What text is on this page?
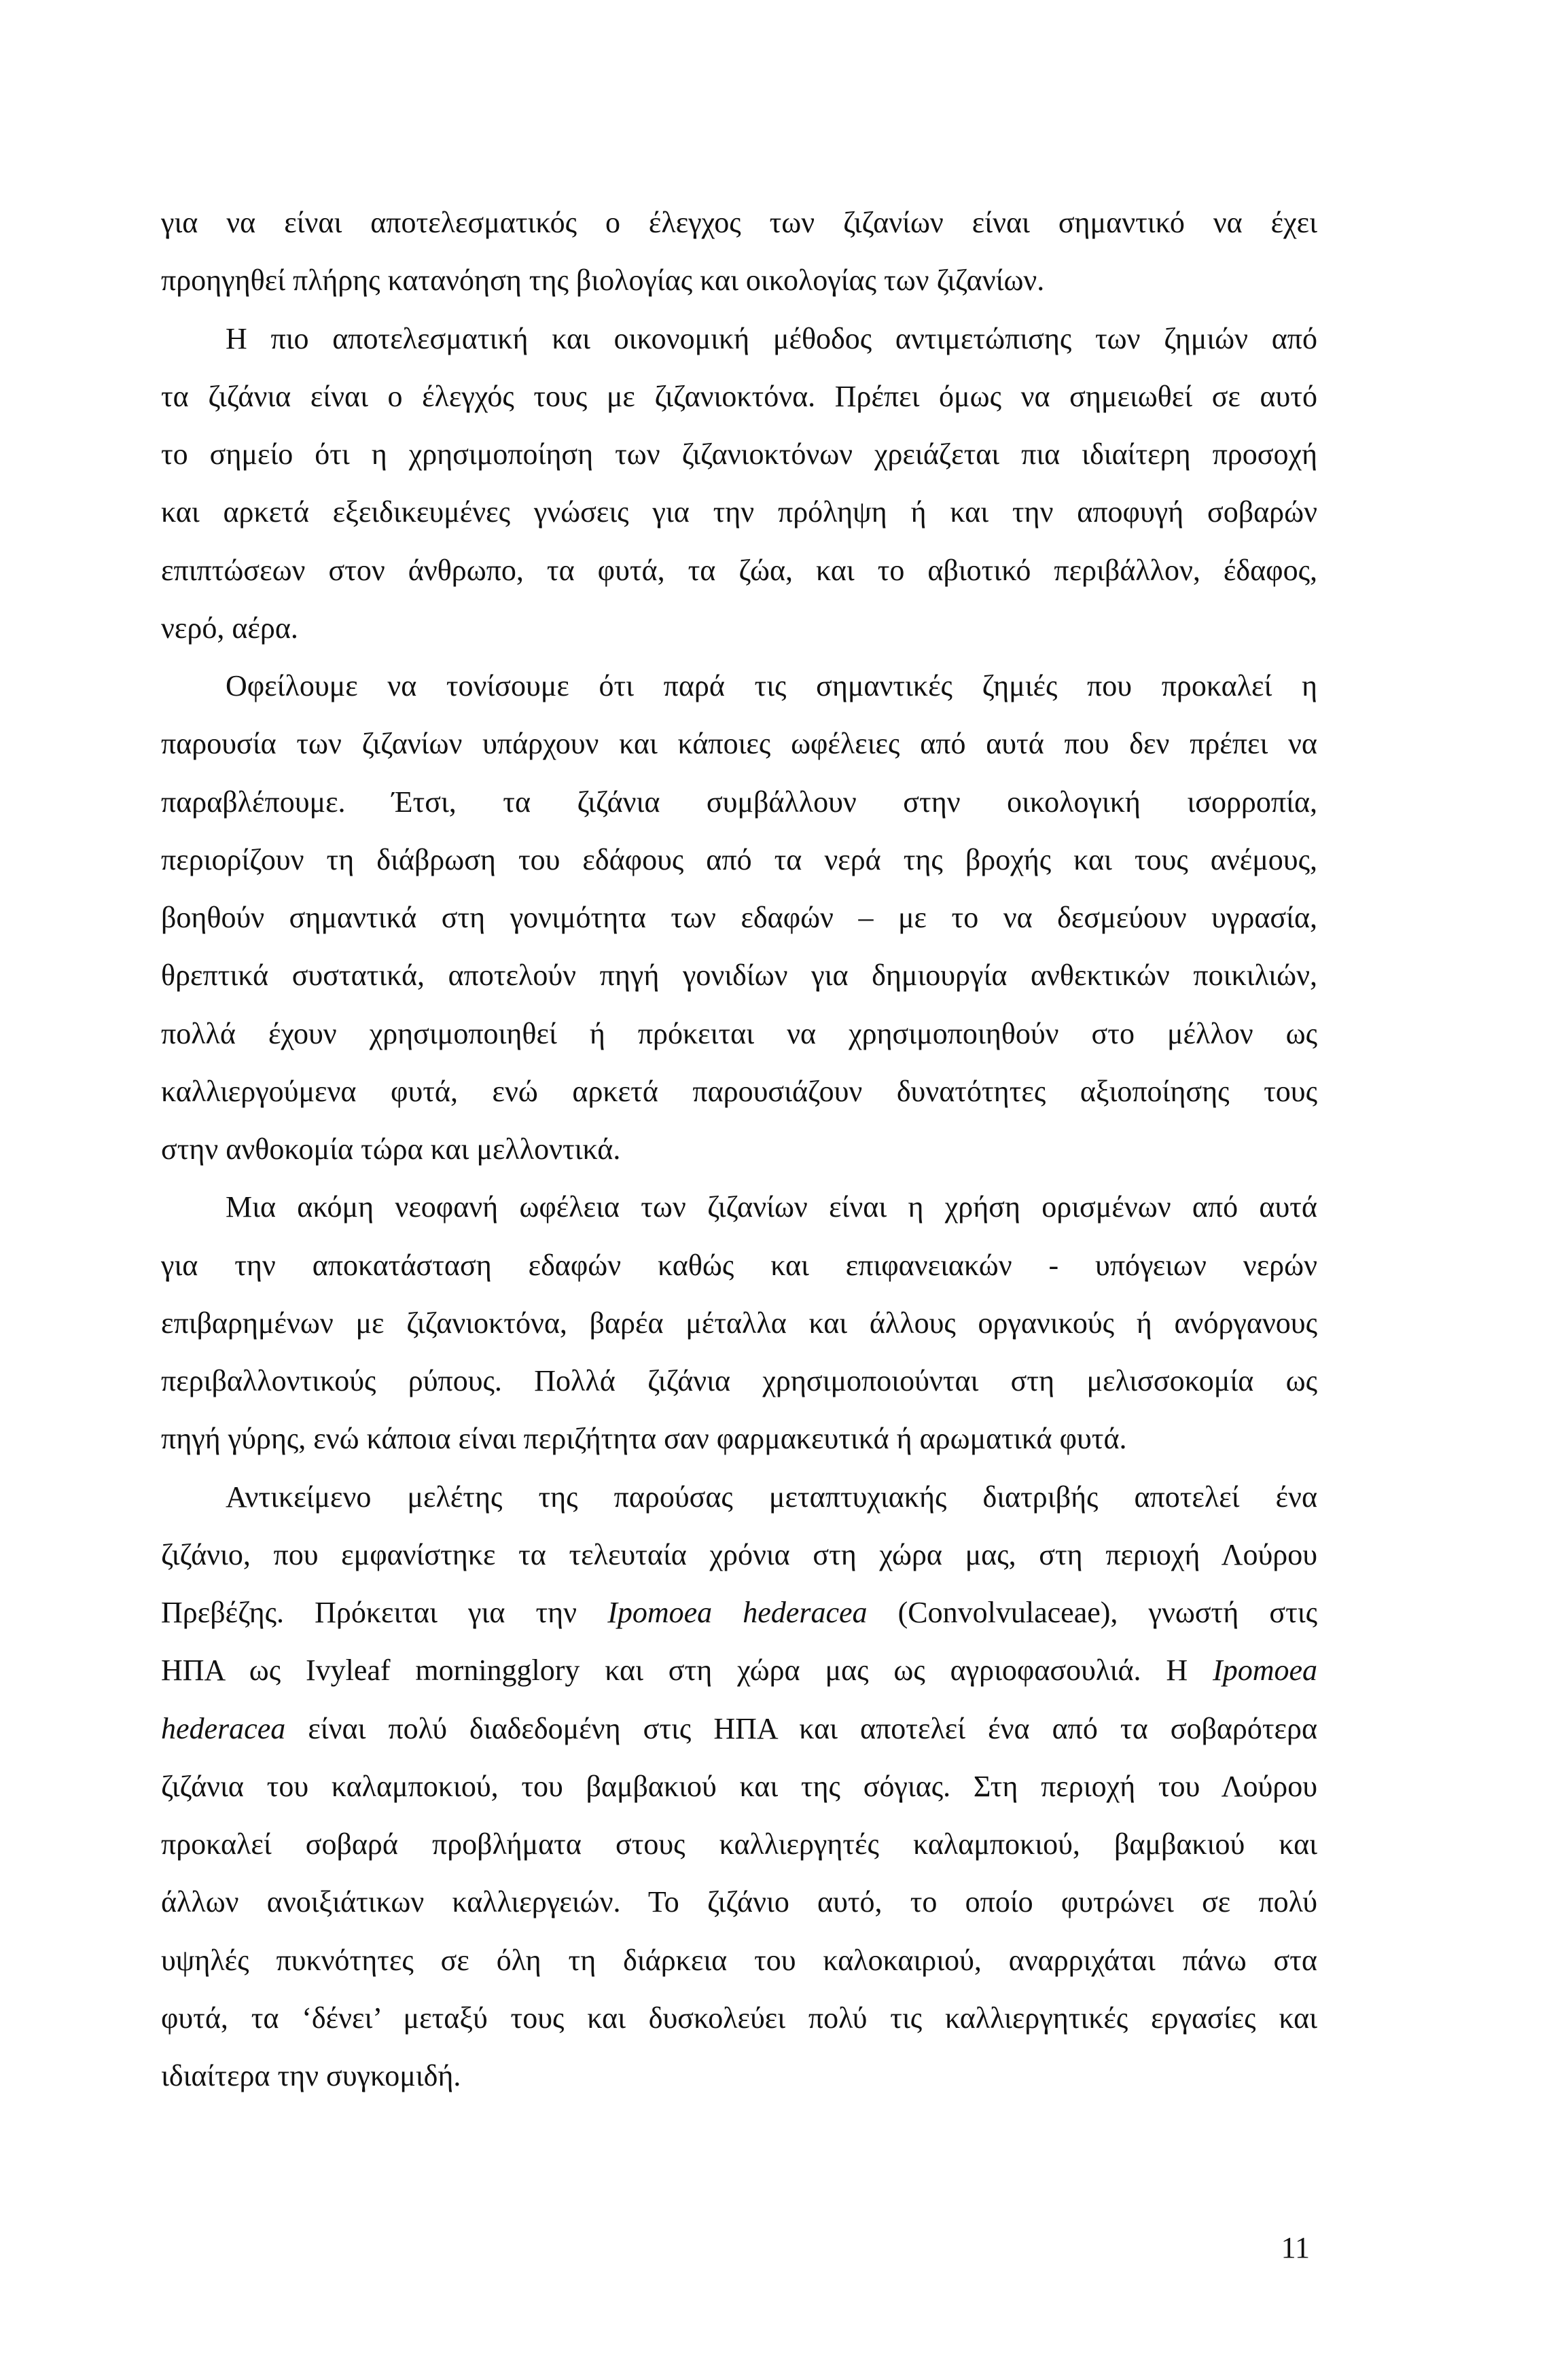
για να είναι αποτελεσματικός ο έλεγχος των ζιζανίων είναι σημαντικό να έχει
προηγηθεί πλήρης κατανόηση της βιολογίας και οικολογίας των ζιζανίων.
Η πιο αποτελεσματική και οικονομική μέθοδος αντιμετώπισης των ζημιών από
τα ζιζάνια είναι ο έλεγχός τους με ζιζανιοκτόνα. Πρέπει όμως να σημειωθεί σε αυτό
το σημείο ότι η χρησιμοποίηση των ζιζανιοκτόνων χρειάζεται πια ιδιαίτερη προσοχή
και αρκετά εξειδικευμένες γνώσεις για την πρόληψη ή και την αποφυγή σοβαρών
επιπτώσεων στον άνθρωπο, τα φυτά, τα ζώα, και το αβιοτικό περιβάλλον, έδαφος,
νερό, αέρα.
Οφείλουμε να τονίσουμε ότι παρά τις σημαντικές ζημιές που προκαλεί η
παρουσία των ζιζανίων υπάρχουν και κάποιες ωφέλειες από αυτά που δεν πρέπει να
παραβλέπουμε. Έτσι, τα ζιζάνια συμβάλλουν στην οικολογική ισορροπία,
περιορίζουν τη διάβρωση του εδάφους από τα νερά της βροχής και τους ανέμους,
βοηθούν σημαντικά στη γονιμότητα των εδαφών – με το να δεσμεύουν υγρασία,
θρεπτικά συστατικά, αποτελούν πηγή γονιδίων για δημιουργία ανθεκτικών ποικιλιών,
πολλά έχουν χρησιμοποιηθεί ή πρόκειται να χρησιμοποιηθούν στο μέλλον ως
καλλιεργούμενα φυτά, ενώ αρκετά παρουσιάζουν δυνατότητες αξιοποίησης τους
στην ανθοκομία τώρα και μελλοντικά.
Μια ακόμη νεοφανή ωφέλεια των ζιζανίων είναι η χρήση ορισμένων από αυτά
για την αποκατάσταση εδαφών καθώς και επιφανειακών - υπόγειων νερών
επιβαρημένων με ζιζανιοκτόνα, βαρέα μέταλλα και άλλους οργανικούς ή ανόργανους
περιβαλλοντικούς ρύπους. Πολλά ζιζάνια χρησιμοποιούνται στη μελισσοκομία ως
πηγή γύρης, ενώ κάποια είναι περιζήτητα σαν φαρμακευτικά ή αρωματικά φυτά.
Αντικείμενο μελέτης της παρούσας μεταπτυχιακής διατριβής αποτελεί ένα
ζιζάνιο, που εμφανίστηκε τα τελευταία χρόνια στη χώρα μας, στη περιοχή Λούρου
Πρεβέζης. Πρόκειται για την Ipomoea hederacea (Convolvulaceae), γνωστή στις
ΗΠΑ ως Ivyleaf morningglory και στη χώρα μας ως αγριοφασουλιά. Η Ipomoea
hederacea είναι πολύ διαδεδομένη στις ΗΠΑ και αποτελεί ένα από τα σοβαρότερα
ζιζάνια του καλαμποκιού, του βαμβακιού και της σόγιας. Στη περιοχή του Λούρου
προκαλεί σοβαρά προβλήματα στους καλλιεργητές καλαμποκιού, βαμβακιού και
άλλων ανοιξιάτικων καλλιεργειών. Το ζιζάνιο αυτό, το οποίο φυτρώνει σε πολύ
υψηλές πυκνότητες σε όλη τη διάρκεια του καλοκαιριού, αναρριχάται πάνω στα
φυτά, τα ‘δένει’ μεταξύ τους και δυσκολεύει πολύ τις καλλιεργητικές εργασίες και
ιδιαίτερα την συγκομιδή.
11
